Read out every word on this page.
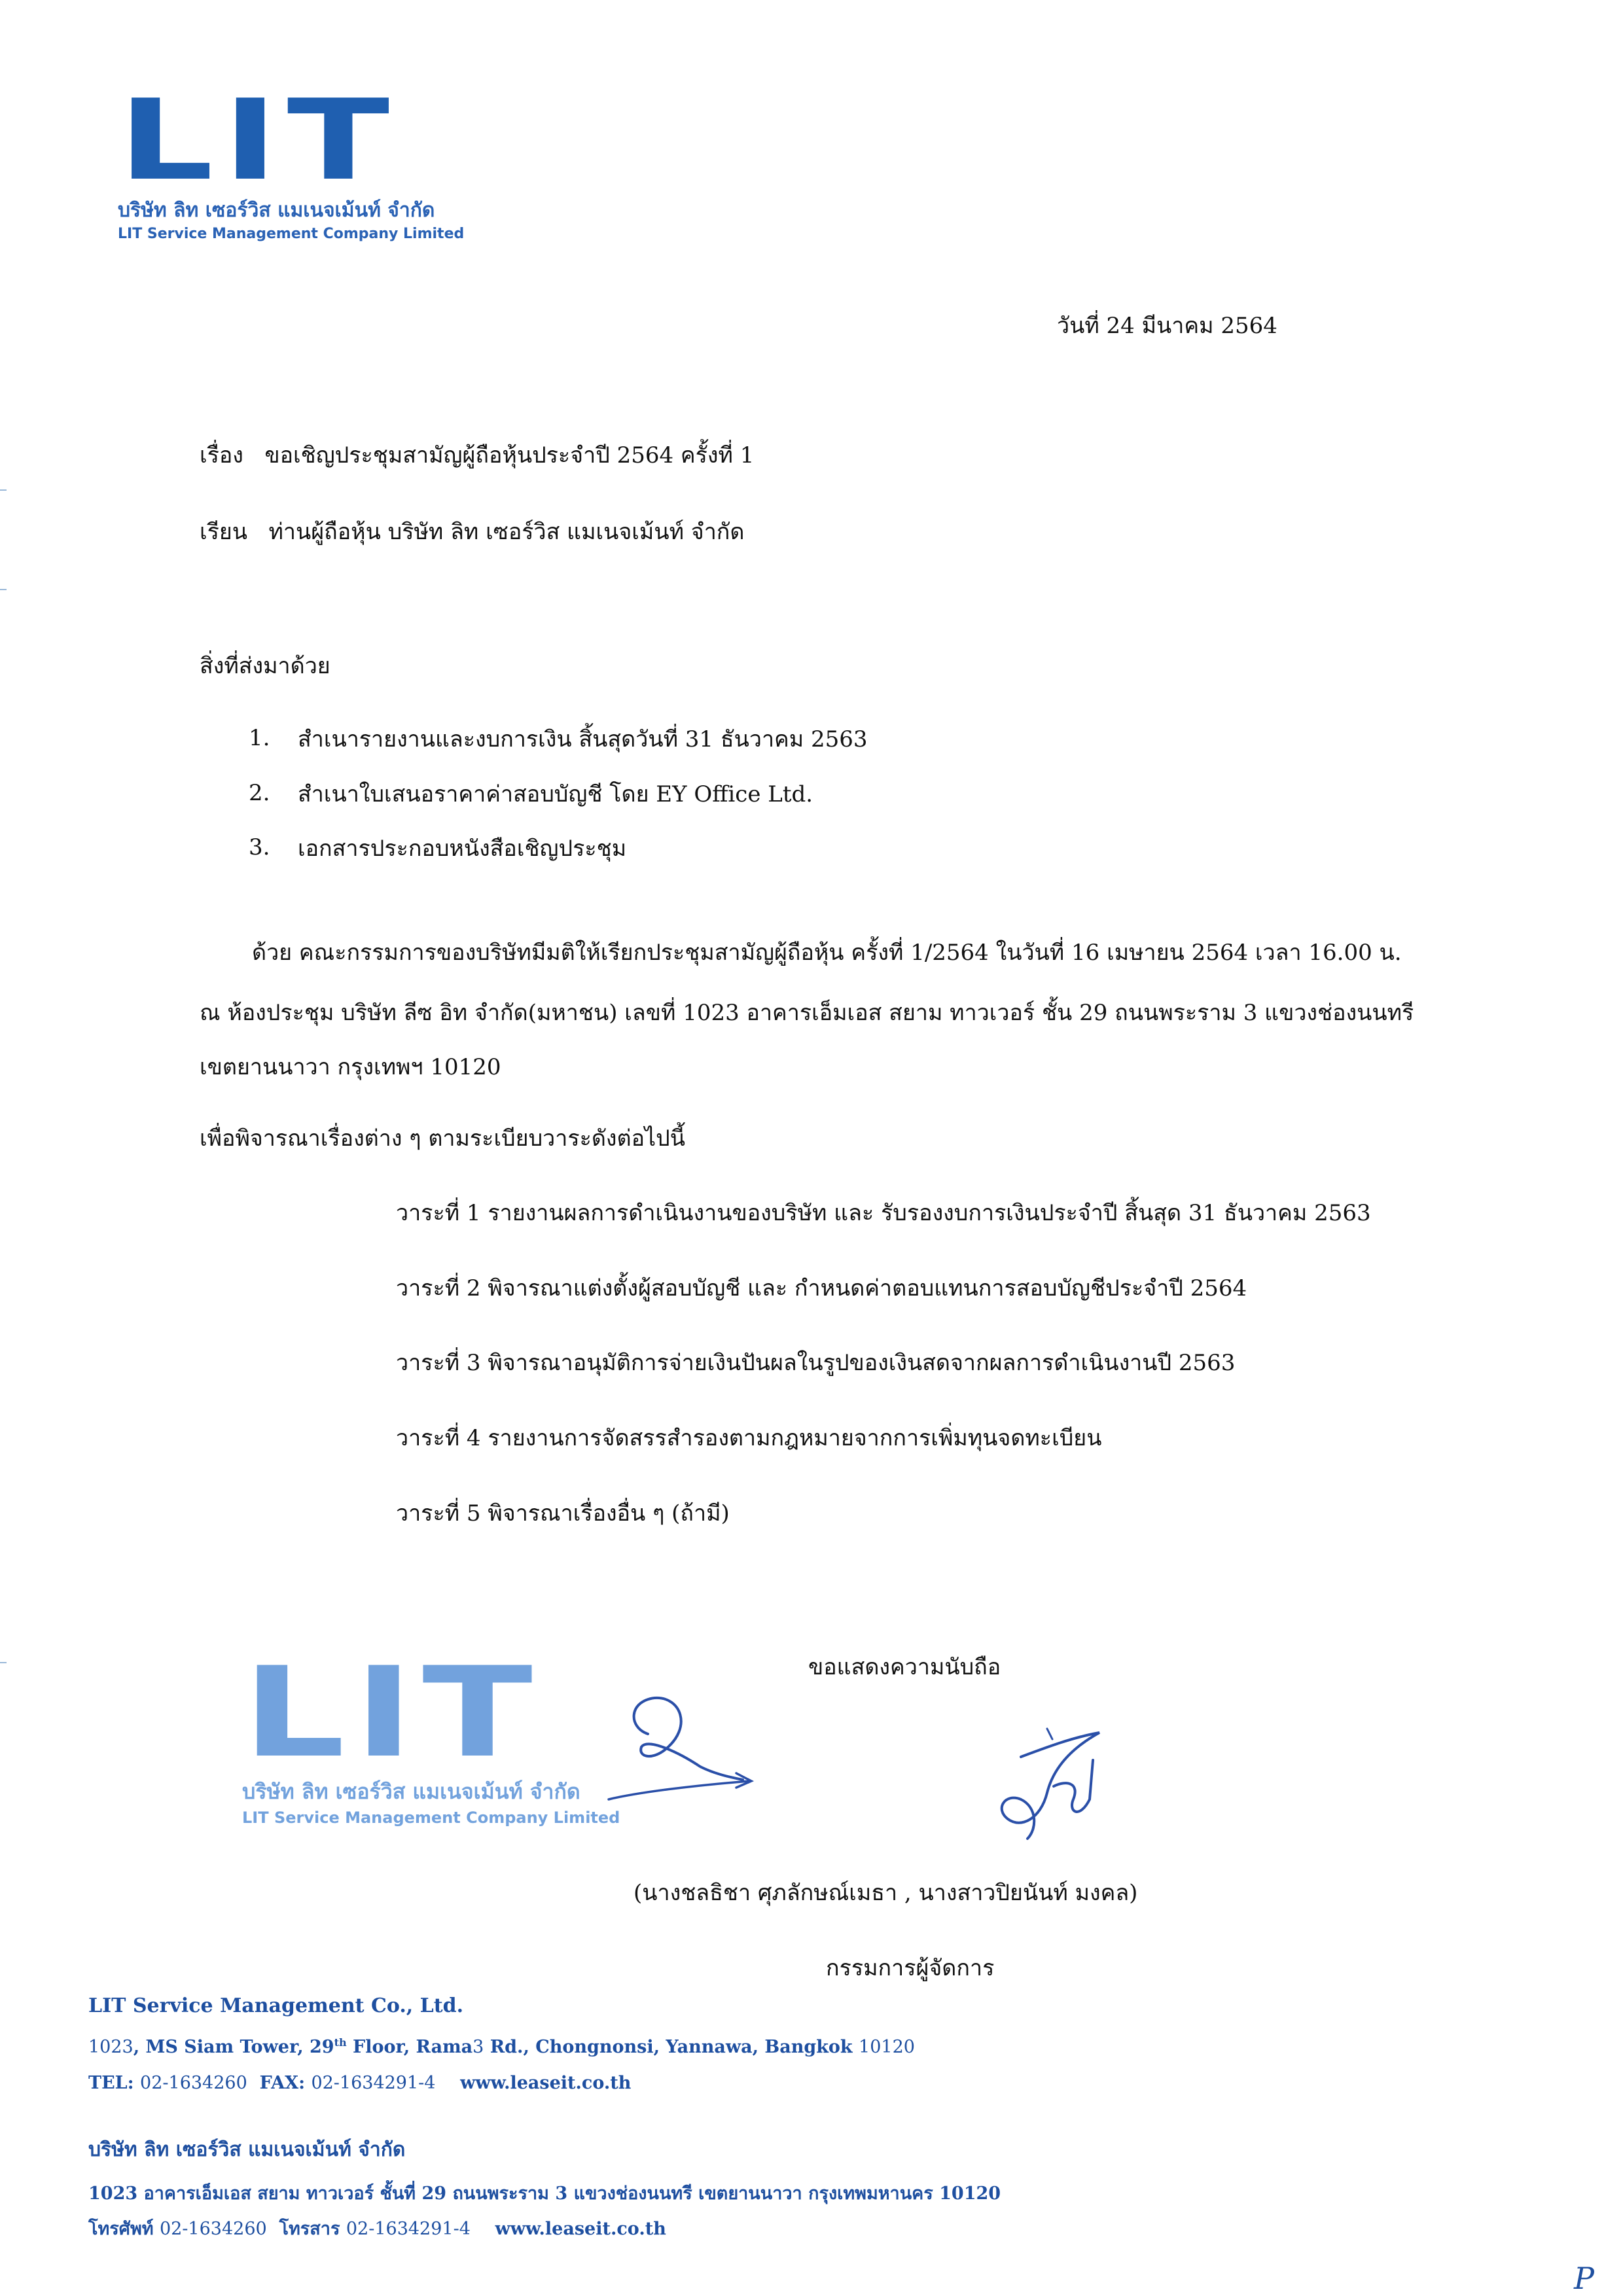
LIT
บริษัท ลิท เซอร์วิส แมเนจเม้นท์ จำกัด
LIT Service Management Company Limited
วันที่ 24 มีนาคม 2564
เรื่อง ขอเชิญประชุมสามัญผู้ถือหุ้นประจำปี 2564 ครั้งที่ 1
เรียน ท่านผู้ถือหุ้น บริษัท ลิท เซอร์วิส แมเนจเม้นท์ จำกัด
สิ่งที่ส่งมาด้วย
1. สำเนารายงานและงบการเงิน สิ้นสุดวันที่ 31 ธันวาคม 2563
2. สำเนาใบเสนอราคาค่าสอบบัญชี โดย EY Office Ltd.
3. เอกสารประกอบหนังสือเชิญประชุม
ด้วย คณะกรรมการของบริษัทมีมติให้เรียกประชุมสามัญผู้ถือหุ้น ครั้งที่ 1/2564 ในวันที่ 16 เมษายน 2564 เวลา 16.00 น.
ณ ห้องประชุม บริษัท ลีซ อิท จำกัด(มหาชน) เลขที่ 1023 อาคารเอ็มเอส สยาม ทาวเวอร์ ชั้น 29 ถนนพระราม 3 แขวงช่องนนทรี
เขตยานนาวา กรุงเทพฯ 10120
เพื่อพิจารณาเรื่องต่าง ๆ ตามระเบียบวาระดังต่อไปนี้
วาระที่ 1 รายงานผลการดำเนินงานของบริษัท และ รับรองงบการเงินประจำปี สิ้นสุด 31 ธันวาคม 2563
วาระที่ 2 พิจารณาแต่งตั้งผู้สอบบัญชี และ กำหนดค่าตอบแทนการสอบบัญชีประจำปี 2564
วาระที่ 3 พิจารณาอนุมัติการจ่ายเงินปันผลในรูปของเงินสดจากผลการดำเนินงานปี 2563
วาระที่ 4 รายงานการจัดสรรสำรองตามกฎหมายจากการเพิ่มทุนจดทะเบียน
วาระที่ 5 พิจารณาเรื่องอื่น ๆ (ถ้ามี)
ขอแสดงความนับถือ
LIT
บริษัท ลิท เซอร์วิส แมเนจเม้นท์ จำกัด
LIT Service Management Company Limited
(นางชลธิชา ศุภลักษณ์เมธา , นางสาวปิยนันท์ มงคล)
กรรมการผู้จัดการ
LIT Service Management Co., Ltd.
1023, MS Siam Tower, 29th Floor, Rama3 Rd., Chongnonsi, Yannawa, Bangkok 10120
TEL: 02-1634260 FAX: 02-1634291-4 www.leaseit.co.th
บริษัท ลิท เซอร์วิส แมเนจเม้นท์ จำกัด
1023 อาคารเอ็มเอส สยาม ทาวเวอร์ ชั้นที่ 29 ถนนพระราม 3 แขวงช่องนนทรี เขตยานนาวา กรุงเทพมหานคร 10120
โทรศัพท์ 02-1634260 โทรสาร 02-1634291-4 www.leaseit.co.th
P
